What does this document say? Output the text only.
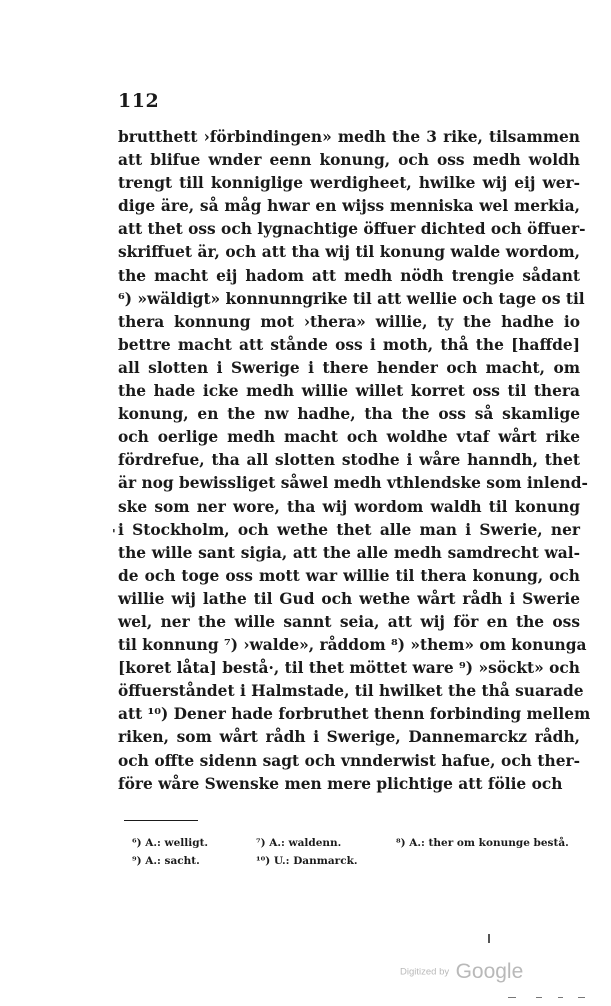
112
brutthett ›förbindingen» medh the 3 rike, tilsammen
att blifue wnder eenn konung, och oss medh woldh
trengt till konniglige werdigheet, hwilke wij eij wer-
dige äre, så måg hwar en wijss menniska wel merkia,
att thet oss och lygnachtige öffuer dichted och öffuer-
skriffuet är, och att tha wij til konung walde wordom,
the macht eij hadom att medh nödh trengie sådant
⁶) »wäldigt» konnunngrike til att wellie och tage os til
thera konnung mot ›thera» willie, ty the hadhe io
bettre macht att stånde oss i moth, thå the [haffde]
all slotten i Swerige i there hender och macht, om
the hade icke medh willie willet korret oss til thera
konung, en the nw hadhe, tha the oss så skamlige
och oerlige medh macht och woldhe vtaf wårt rike
fördrefue, tha all slotten stodhe i wåre hanndh, thet
är nog bewissliget såwel medh vthlendske som inlend-
ske som ner wore, tha wij wordom waldh til konung
i Stockholm, och wethe thet alle man i Swerie, ner
the wille sant sigia, att the alle medh samdrecht wal-
de och toge oss mott war willie til thera konung, och
willie wij lathe til Gud och wethe wårt rådh i Swerie
wel, ner the wille sannt seia, att wij för en the oss
til konnung ⁷) ›walde», råddom ⁸) »them» om konunga
[koret låta] bestå·, til thet möttet ware ⁹) »söckt» och
öffuerståndet i Halmstade, til hwilket the thå suarade
att ¹⁰) Dener hade forbruthet thenn forbinding mellem
riken, som wårt rådh i Swerige, Dannemarckz rådh,
och offte sidenn sagt och vnnderwist hafue, och ther-
före wåre Swenske men mere plichtige att fölie och
'
⁶) A.: welligt.	⁷) A.: waldenn.	⁸) A.: ther om konunge bestå.
⁹) A.: sacht.	¹⁰) U.: Danmarck.
Digitized by Google
